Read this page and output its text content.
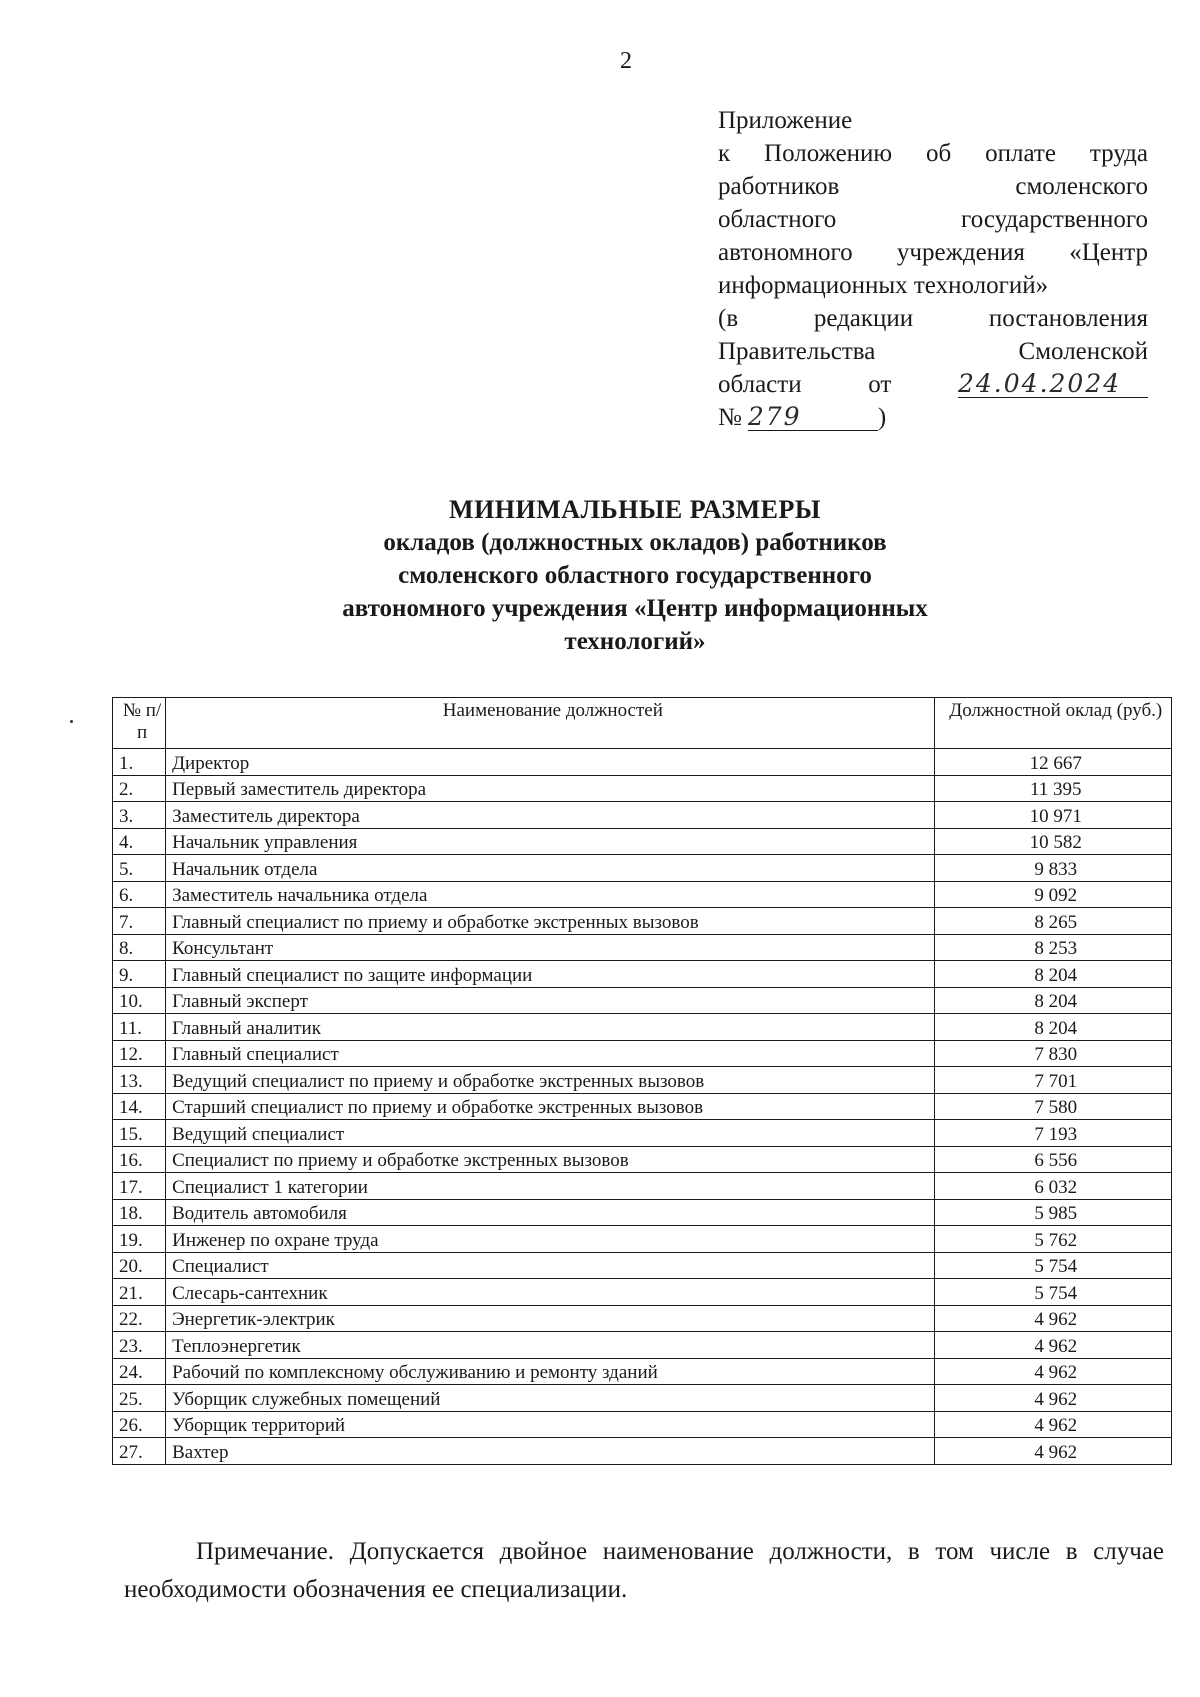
2
Приложение
к Положению об оплате труда
работников смоленского
областного государственного
автономного учреждения «Центр
информационных технологий»
(в редакции постановления
Правительства Смоленской
области	от	24.04.2024
№ 279	)
МИНИМАЛЬНЫЕ РАЗМЕРЫ
окладов (должностных окладов) работников
смоленского областного государственного
автономного учреждения «Центр информационных
технологий»
№ п/п	Наименование должностей	Должностной оклад (руб.)
1.	Директор	12 667
2.	Первый заместитель директора	11 395
3.	Заместитель директора	10 971
4.	Начальник управления	10 582
5.	Начальник отдела	9 833
6.	Заместитель начальника отдела	9 092
7.	Главный специалист по приему и обработке экстренных вызовов	8 265
8.	Консультант	8 253
9.	Главный специалист по защите информации	8 204
10.	Главный эксперт	8 204
11.	Главный аналитик	8 204
12.	Главный специалист	7 830
13.	Ведущий специалист по приему и обработке экстренных вызовов	7 701
14.	Старший специалист по приему и обработке экстренных вызовов	7 580
15.	Ведущий специалист	7 193
16.	Специалист по приему и обработке экстренных вызовов	6 556
17.	Специалист 1 категории	6 032
18.	Водитель автомобиля	5 985
19.	Инженер по охране труда	5 762
20.	Специалист	5 754
21.	Слесарь-сантехник	5 754
22.	Энергетик-электрик	4 962
23.	Теплоэнергетик	4 962
24.	Рабочий по комплексному обслуживанию и ремонту зданий	4 962
25.	Уборщик служебных помещений	4 962
26.	Уборщик территорий	4 962
27.	Вахтер	4 962

Примечание. Допускается двойное наименование должности, в том числе в случае необходимости обозначения ее специализации.
